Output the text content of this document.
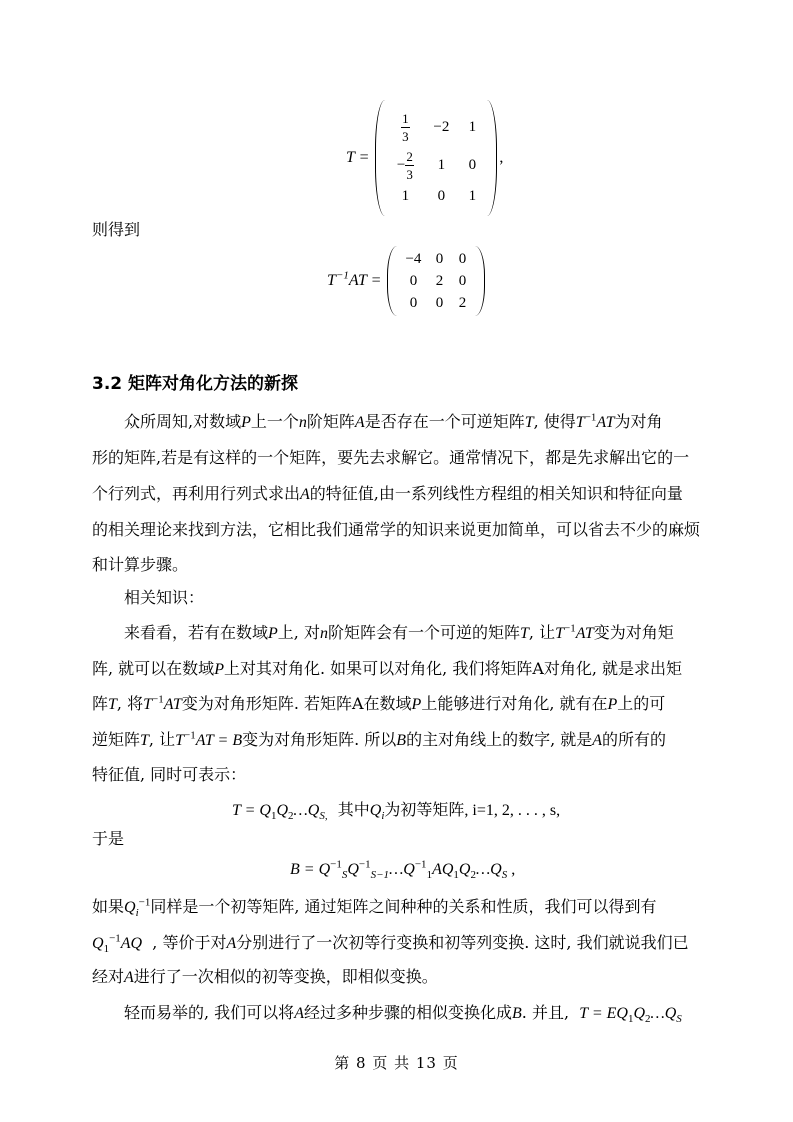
T =
$\frac{1}{3}$	−2	1
− $\frac{2}{3}$	1	0
1	0	1
,
则得到
$T^{-1}AT$ =
−4 0	0
0	2	0
0	0	2
3.2 矩阵对角化方法的新探
众所周知,对数域P上一个n阶矩阵A是否存在一个可逆矩阵T, 使得$T^{-1}AT$为对角
形的矩阵,若是有这样的一个矩阵，要先去求解它。通常情况下，都是先求解出它的一
个行列式，再利用行列式求出A的特征值,由一系列线性方程组的相关知识和特征向量
的相关理论来找到方法，它相比我们通常学的知识来说更加简单，可以省去不少的麻烦
和计算步骤。
相关知识：
来看看，若有在数域P上, 对n阶矩阵会有一个可逆的矩阵T, 让$T^{-1}AT$变为对角矩
阵, 就可以在数域P上对其对角化. 如果可以对角化, 我们将矩阵A对角化, 就是求出矩
阵T, 将$T^{-1}AT$变为对角形矩阵. 若矩阵A在数域P上能够进行对角化, 就有在P上的可
逆矩阵T, 让$T^{-1}AT = B$变为对角形矩阵. 所以B的主对角线上的数字, 就是A的所有的
特征值, 同时可表示：
$T = Q_1Q_2\dots Q_{S,}$ 其中$Q_i$为初等矩阵, i=1, 2, . . . , s,
于是
$B = Q^{-1}_SQ^{-1}_{S-1}\dots Q^{-1}_1AQ_1Q_2\dots Q_S$ ,
如果$Q_i^{-1}$同样是一个初等矩阵, 通过矩阵之间种种的关系和性质，我们可以得到有
$Q_1^{-1}AQ$ , 等价于对A分别进行了一次初等行变换和初等列变换. 这时, 我们就说我们已
经对A进行了一次相似的初等变换，即相似变换。
轻而易举的, 我们可以将A经过多种步骤的相似变换化成B. 并且, $T = EQ_1Q_2\dots Q_S$
第 8 页 共 13 页
